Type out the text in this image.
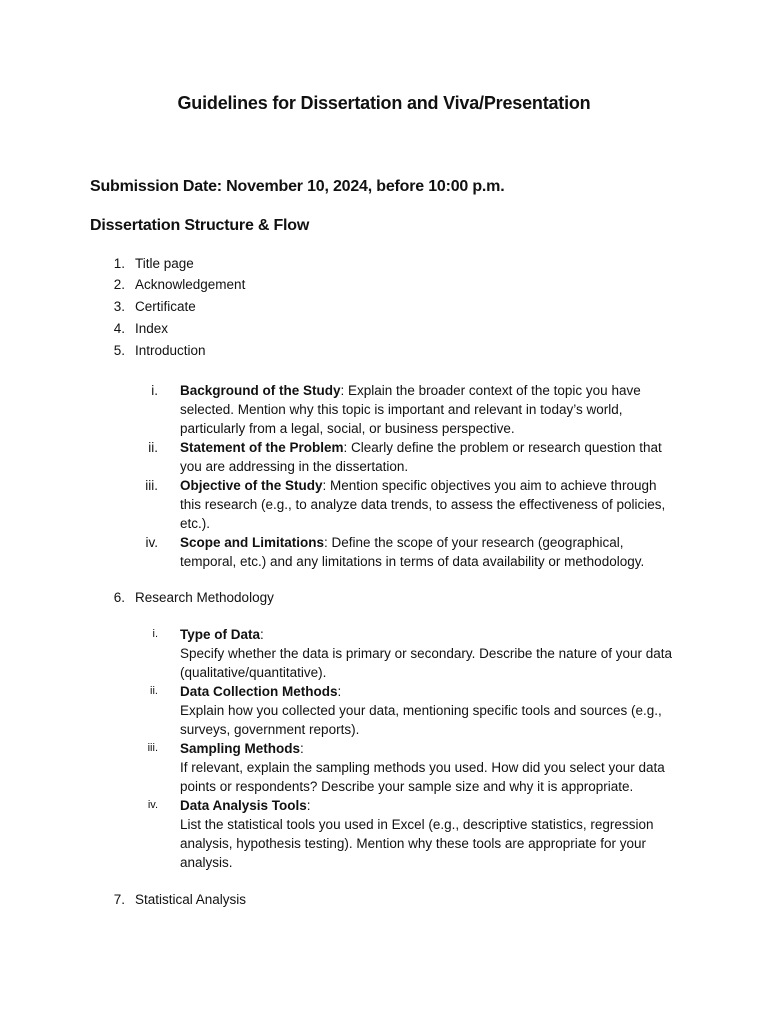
Guidelines for Dissertation and Viva/Presentation
Submission Date: November 10, 2024, before 10:00 p.m.
Dissertation Structure & Flow
1. Title page
2. Acknowledgement
3. Certificate
4. Index
5. Introduction
i. Background of the Study: Explain the broader context of the topic you have selected. Mention why this topic is important and relevant in today’s world, particularly from a legal, social, or business perspective.
ii. Statement of the Problem: Clearly define the problem or research question that you are addressing in the dissertation.
iii. Objective of the Study: Mention specific objectives you aim to achieve through this research (e.g., to analyze data trends, to assess the effectiveness of policies, etc.).
iv. Scope and Limitations: Define the scope of your research (geographical, temporal, etc.) and any limitations in terms of data availability or methodology.
6. Research Methodology
i. Type of Data:
Specify whether the data is primary or secondary. Describe the nature of your data (qualitative/quantitative).
ii. Data Collection Methods:
Explain how you collected your data, mentioning specific tools and sources (e.g., surveys, government reports).
iii. Sampling Methods:
If relevant, explain the sampling methods you used. How did you select your data points or respondents? Describe your sample size and why it is appropriate.
iv. Data Analysis Tools:
List the statistical tools you used in Excel (e.g., descriptive statistics, regression analysis, hypothesis testing). Mention why these tools are appropriate for your analysis.
7. Statistical Analysis
